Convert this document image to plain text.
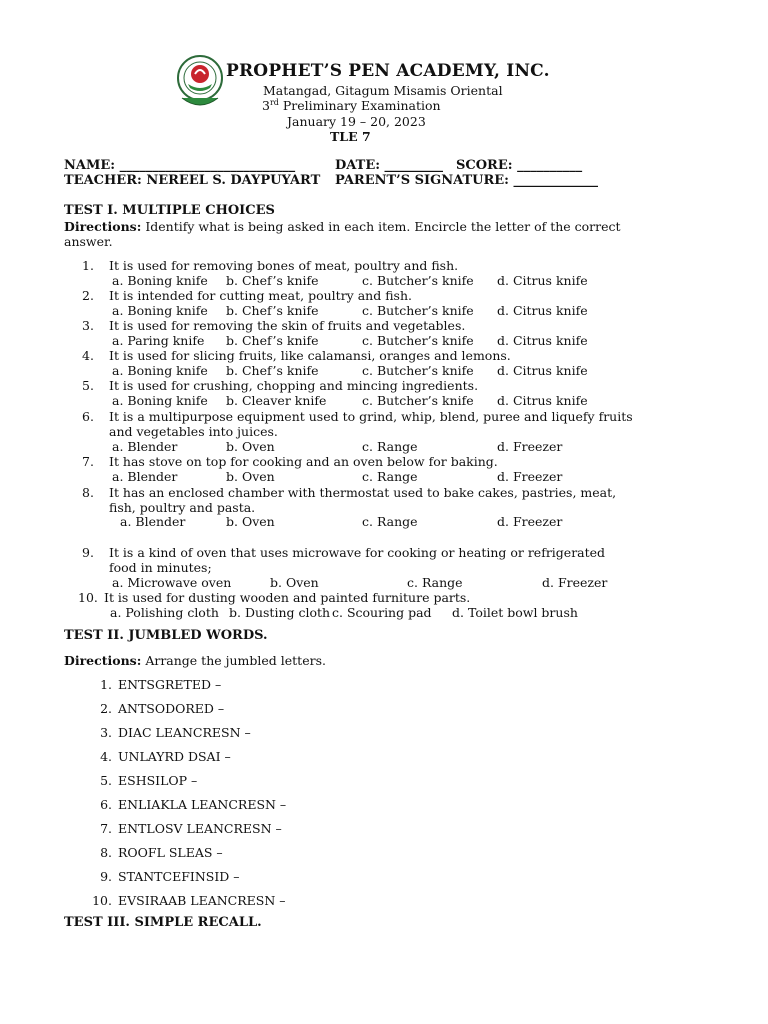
PROPHET’S PEN ACADEMY, INC.
Matangad, Gitagum Misamis Oriental
3rd Preliminary Examination
January 19 – 20, 2023
TLE 7
NAME: ___________________________	DATE: _________ SCORE: __________
TEACHER: NEREEL S. DAYPUYART PARENT’S SIGNATURE: _____________
TEST I. MULTIPLE CHOICES
Directions: Identify what is being asked in each item. Encircle the letter of the correct
answer.
1. It is used for removing bones of meat, poultry and fish.
a. Boning knife b. Chef’s knife	c. Butcher’s knife d. Citrus knife
2. It is intended for cutting meat, poultry and fish.
a. Boning knife b. Chef’s knife	c. Butcher’s knife d. Citrus knife
3. It is used for removing the skin of fruits and vegetables.
a. Paring knife b. Chef’s knife	c. Butcher’s knife d. Citrus knife
4. It is used for slicing fruits, like calamansi, oranges and lemons.
a. Boning knife b. Chef’s knife	c. Butcher’s knife d. Citrus knife
5. It is used for crushing, chopping and mincing ingredients.
a. Boning knife b. Cleaver knife	c. Butcher’s knife d. Citrus knife
6. It is a multipurpose equipment used to grind, whip, blend, puree and liquefy fruits
and vegetables into juices.
a. Blender	b. Oven	c. Range	d. Freezer
7. It has stove on top for cooking and an oven below for baking.
a. Blender	b. Oven	c. Range	d. Freezer
8. It has an enclosed chamber with thermostat used to bake cakes, pastries, meat,
fish, poultry and pasta.
a. Blender	b. Oven	c. Range	d. Freezer
9. It is a kind of oven that uses microwave for cooking or heating or refrigerated
food in minutes;
a. Microwave oven	b. Oven	c. Range	d. Freezer
10. It is used for dusting wooden and painted furniture parts.
a. Polishing cloth b. Dusting cloth c. Scouring pad d. Toilet bowl brush
TEST II. JUMBLED WORDS.
Directions: Arrange the jumbled letters.
1. ENTSGRETED –
2. ANTSODORED –
3. DIAC LEANCRESN –
4. UNLAYRD DSAI –
5. ESHSILOP –
6. ENLIAKLA LEANCRESN –
7. ENTLOSV LEANCRESN –
8. ROOFL SLEAS –
9. STANTCEFINSID –
10. EVSIRAAB LEANCRESN –
TEST III. SIMPLE RECALL.
